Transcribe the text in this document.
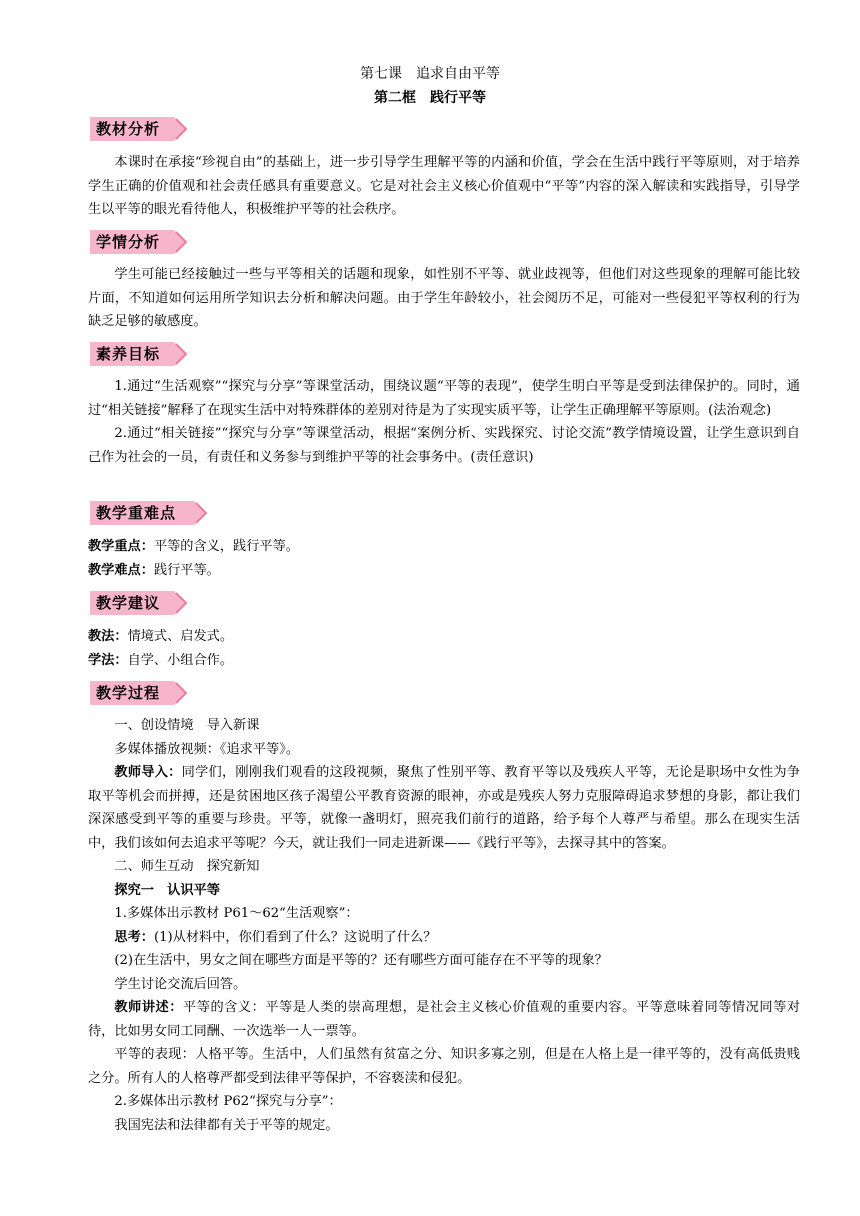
第七课　追求自由平等
第二框　践行平等
教材分析

本课时在承接“珍视自由”的基础上，进一步引导学生理解平等的内涵和价值，学会在生活中践行平等原则，对于培养学生正确的价值观和社会责任感具有重要意义。它是对社会主义核心价值观中“平等”内容的深入解读和实践指导，引导学生以平等的眼光看待他人，积极维护平等的社会秩序。

学情分析

学生可能已经接触过一些与平等相关的话题和现象，如性别不平等、就业歧视等，但他们对这些现象的理解可能比较片面，不知道如何运用所学知识去分析和解决问题。由于学生年龄较小，社会阅历不足，可能对一些侵犯平等权利的行为缺乏足够的敏感度。

素养目标

1.通过“生活观察”“探究与分享”等课堂活动，围绕议题“平等的表现”，使学生明白平等是受到法律保护的。同时，通过“相关链接”解释了在现实生活中对特殊群体的差别对待是为了实现实质平等，让学生正确理解平等原则。(法治观念)

2.通过“相关链接”“探究与分享”等课堂活动，根据“案例分析、实践探究、讨论交流”教学情境设置，让学生意识到自己作为社会的一员，有责任和义务参与到维护平等的社会事务中。(责任意识)

教学重难点

教学重点：平等的含义，践行平等。

教学难点：践行平等。

教学建议

教法：情境式、启发式。

学法：自学、小组合作。

教学过程

一、创设情境　导入新课

多媒体播放视频：《追求平等》。

教师导入：同学们，刚刚我们观看的这段视频，聚焦了性别平等、教育平等以及残疾人平等，无论是职场中女性为争取平等机会而拼搏，还是贫困地区孩子渴望公平教育资源的眼神，亦或是残疾人努力克服障碍追求梦想的身影，都让我们深深感受到平等的重要与珍贵。平等，就像一盏明灯，照亮我们前行的道路，给予每个人尊严与希望。那么在现实生活中，我们该如何去追求平等呢？今天，就让我们一同走进新课——《践行平等》，去探寻其中的答案。

二、师生互动　探究新知

探究一　认识平等

1.多媒体出示教材 P61～62“生活观察”：

思考：(1)从材料中，你们看到了什么？这说明了什么？

(2)在生活中，男女之间在哪些方面是平等的？还有哪些方面可能存在不平等的现象？

学生讨论交流后回答。

教师讲述：平等的含义：平等是人类的崇高理想，是社会主义核心价值观的重要内容。平等意味着同等情况同等对待，比如男女同工同酬、一次选举一人一票等。

平等的表现：人格平等。生活中，人们虽然有贫富之分、知识多寡之别，但是在人格上是一律平等的，没有高低贵贱之分。所有人的人格尊严都受到法律平等保护，不容亵渎和侵犯。

2.多媒体出示教材 P62“探究与分享”：

我国宪法和法律都有关于平等的规定。
